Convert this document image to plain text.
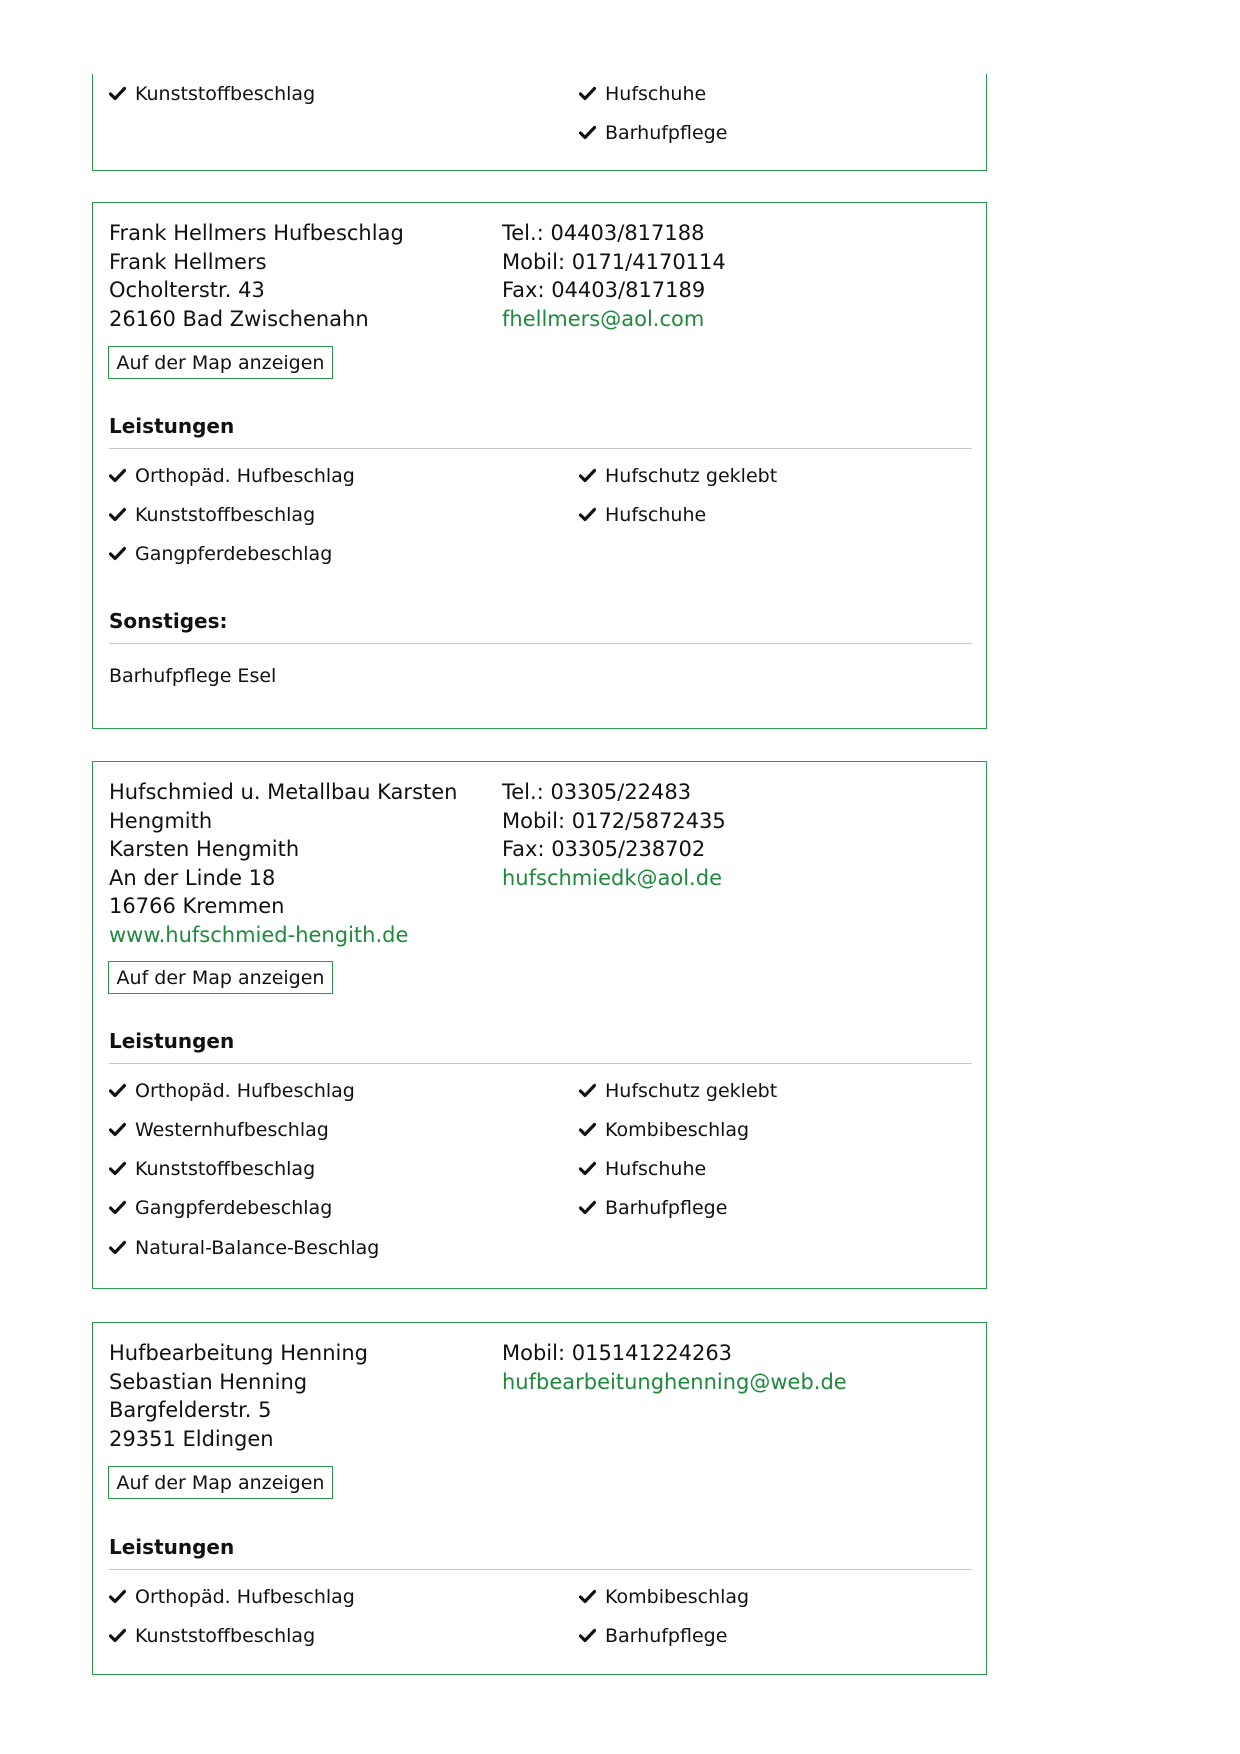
Kunststoffbeschlag	Hufschuhe
Barhufpflege
Frank Hellmers Hufbeschlag
Frank Hellmers
Ocholterstr. 43
26160 Bad Zwischenahn
Tel.: 04403/817188
Mobil: 0171/4170114
Fax: 04403/817189
fhellmers@aol.com
Auf der Map anzeigen
Leistungen
Orthopäd. Hufbeschlag
Kunststoffbeschlag
Gangpferdebeschlag
Hufschutz geklebt
Hufschuhe
Sonstiges:
Barhufpflege Esel
Hufschmied u. Metallbau Karsten Hengmith
Karsten Hengmith
An der Linde 18
16766 Kremmen
www.hufschmied-hengith.de
Tel.: 03305/22483
Mobil: 0172/5872435
Fax: 03305/238702
hufschmiedk@aol.de
Auf der Map anzeigen
Leistungen
Orthopäd. Hufbeschlag
Westernhufbeschlag
Kunststoffbeschlag
Gangpferdebeschlag
Natural-Balance-Beschlag
Hufschutz geklebt
Kombibeschlag
Hufschuhe
Barhufpflege
Hufbearbeitung Henning
Sebastian Henning
Bargfelderstr. 5
29351 Eldingen
Mobil: 015141224263
hufbearbeitunghenning@web.de
Auf der Map anzeigen
Leistungen
Orthopäd. Hufbeschlag
Kunststoffbeschlag
Kombibeschlag
Barhufpflege
